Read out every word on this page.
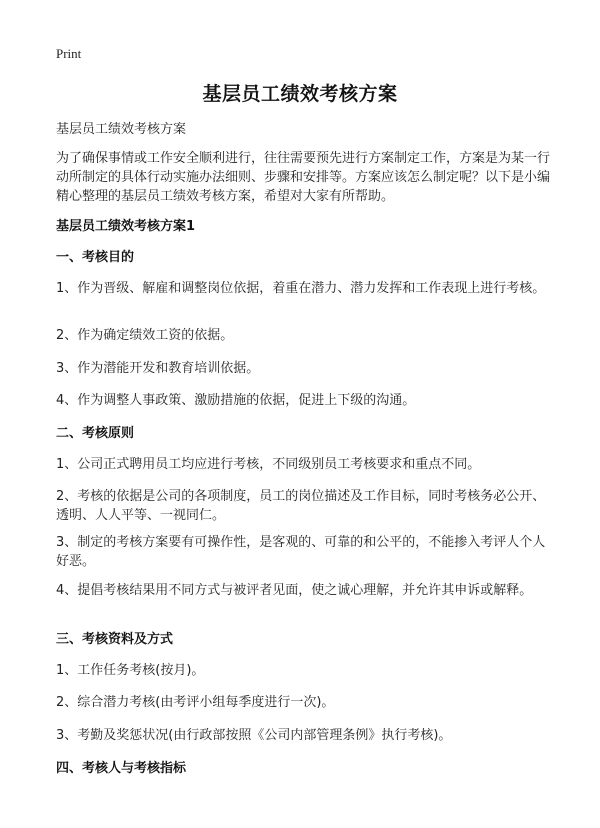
Print
基层员工绩效考核方案
基层员工绩效考核方案
为了确保事情或工作安全顺利进行，往往需要预先进行方案制定工作，方案是为某一行动所制定的具体行动实施办法细则、步骤和安排等。方案应该怎么制定呢？以下是小编精心整理的基层员工绩效考核方案，希望对大家有所帮助。
基层员工绩效考核方案1
一、考核目的
1、作为晋级、解雇和调整岗位依据，着重在潜力、潜力发挥和工作表现上进行考核。
2、作为确定绩效工资的依据。
3、作为潜能开发和教育培训依据。
4、作为调整人事政策、激励措施的依据，促进上下级的沟通。
二、考核原则
1、公司正式聘用员工均应进行考核，不同级别员工考核要求和重点不同。
2、考核的依据是公司的各项制度，员工的岗位描述及工作目标，同时考核务必公开、透明、人人平等、一视同仁。
3、制定的考核方案要有可操作性，是客观的、可靠的和公平的，不能掺入考评人个人好恶。
4、提倡考核结果用不同方式与被评者见面，使之诚心理解，并允许其申诉或解释。
三、考核资料及方式
1、工作任务考核(按月)。
2、综合潜力考核(由考评小组每季度进行一次)。
3、考勤及奖惩状况(由行政部按照《公司内部管理条例》执行考核)。
四、考核人与考核指标
